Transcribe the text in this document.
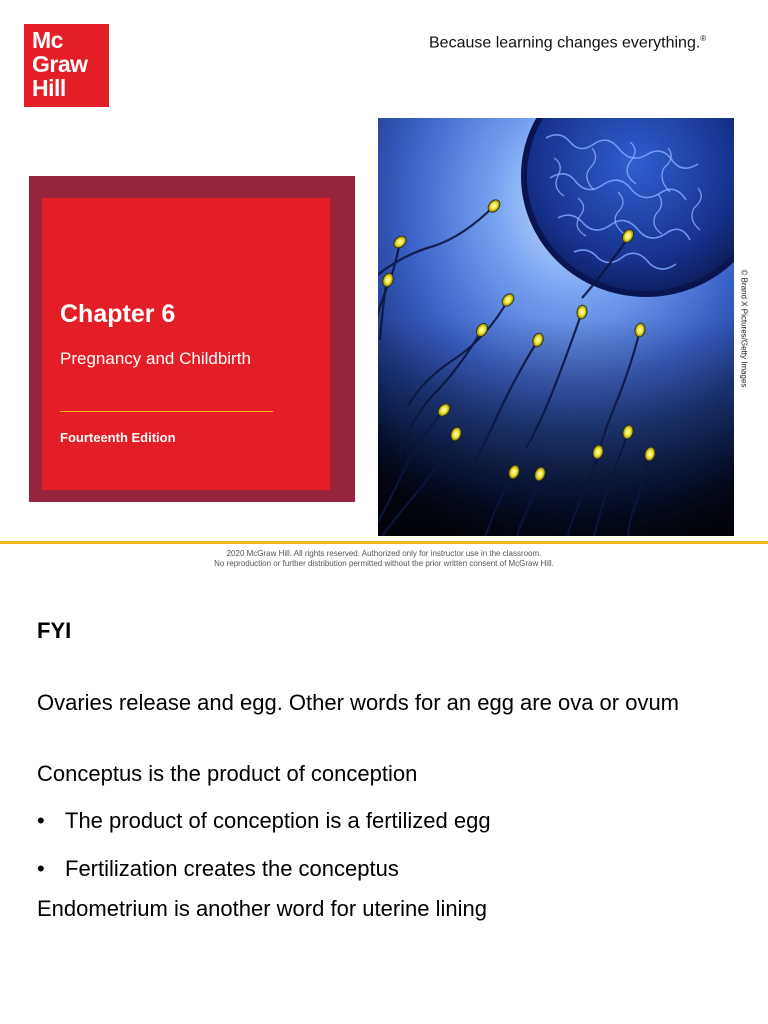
Mc
Graw
Hill
Because learning changes everything.®
Chapter 6

Pregnancy and Childbirth

Fourteenth Edition

© Brand X Pictures/Getty Images
2020 McGraw Hill. All rights reserved. Authorized only for instructor use in the classroom.
No reproduction or further distribution permitted without the prior written consent of McGraw Hill.

FYI

Ovaries release and egg. Other words for an egg are ova or ovum

Conceptus is the product of conception

• The product of conception is a fertilized egg

• Fertilization creates the conceptus

Endometrium is another word for uterine lining
